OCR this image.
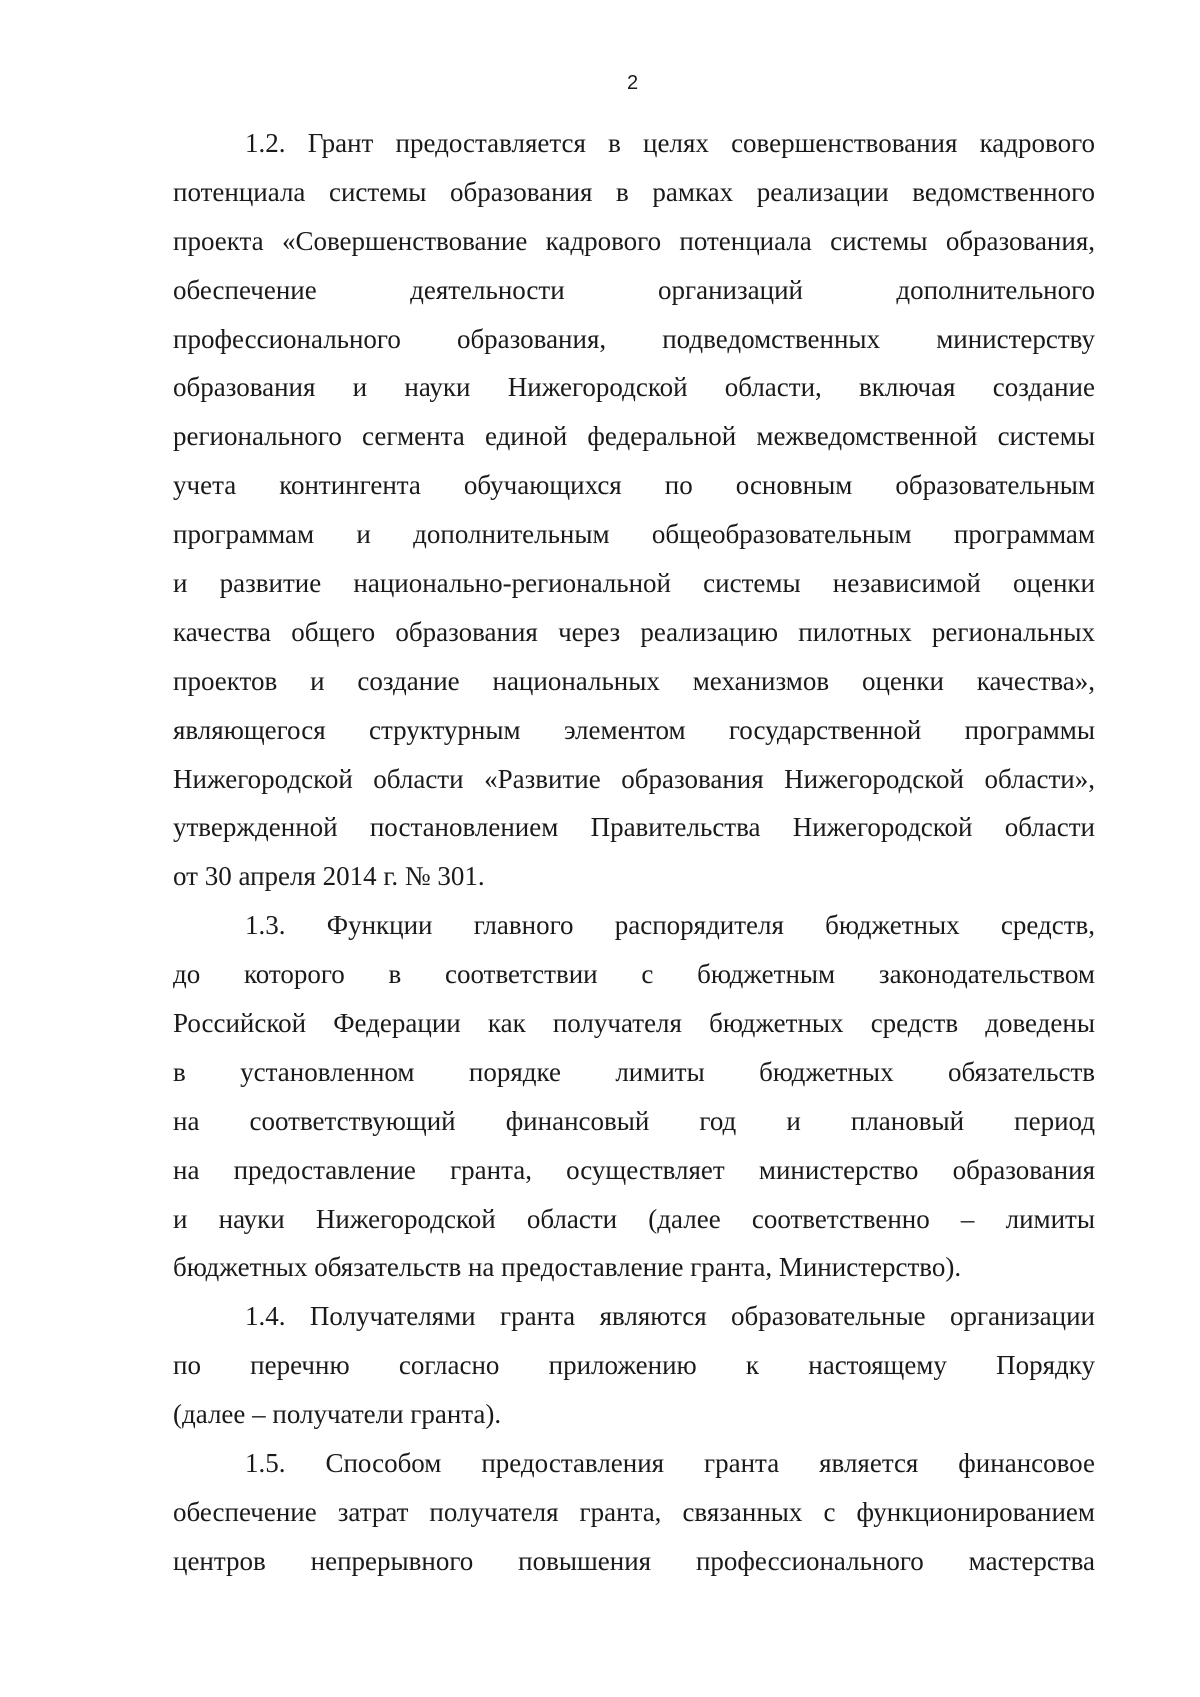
2
1.2. Грант предоставляется в целях совершенствования кадрового
потенциала системы образования в рамках реализации ведомственного
проекта «Совершенствование кадрового потенциала системы образования,
обеспечение деятельности организаций дополнительного
профессионального образования, подведомственных министерству
образования и науки Нижегородской области, включая создание
регионального сегмента единой федеральной межведомственной системы
учета контингента обучающихся по основным образовательным
программам и дополнительным общеобразовательным программам
и развитие национально-региональной системы независимой оценки
качества общего образования через реализацию пилотных региональных
проектов и создание национальных механизмов оценки качества»,
являющегося структурным элементом государственной программы
Нижегородской области «Развитие образования Нижегородской области»,
утвержденной постановлением Правительства Нижегородской области
от 30 апреля 2014 г. № 301.
1.3. Функции главного распорядителя бюджетных средств,
до которого в соответствии с бюджетным законодательством
Российской Федерации как получателя бюджетных средств доведены
в установленном порядке лимиты бюджетных обязательств
на соответствующий финансовый год и плановый период
на предоставление гранта, осуществляет министерство образования
и науки Нижегородской области (далее соответственно – лимиты
бюджетных обязательств на предоставление гранта, Министерство).
1.4. Получателями гранта являются образовательные организации
по перечню согласно приложению к настоящему Порядку
(далее – получатели гранта).
1.5. Способом предоставления гранта является финансовое
обеспечение затрат получателя гранта, связанных с функционированием
центров непрерывного повышения профессионального мастерства
